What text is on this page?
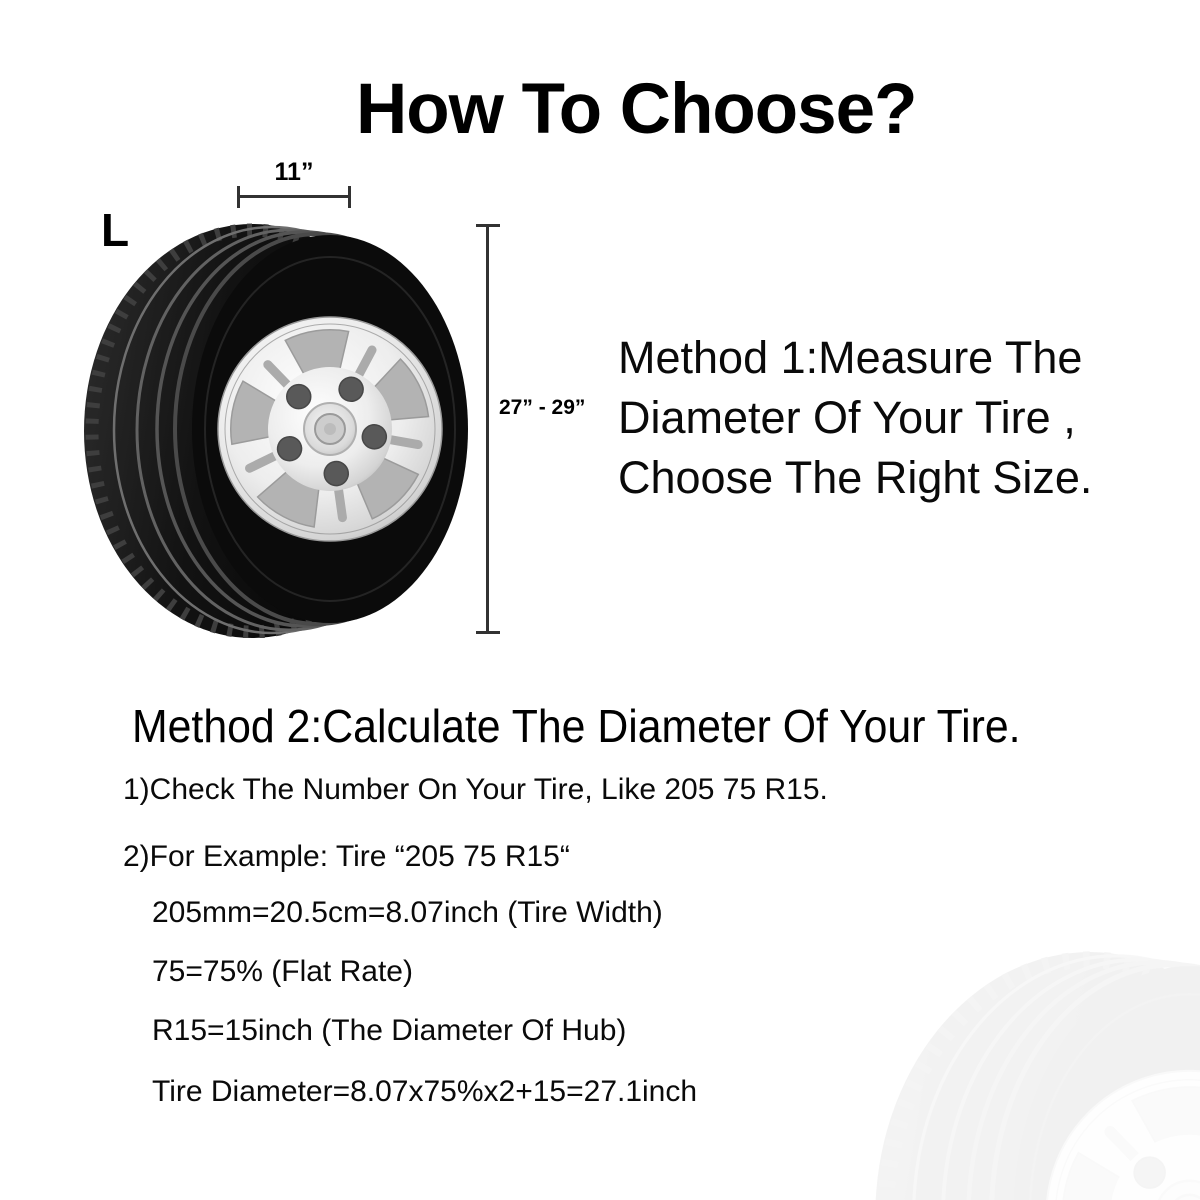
How To Choose?
L
11”
27” - 29”
Method 1:Measure The
Diameter Of Your Tire ,
Choose The Right Size.
Method 2:Calculate The Diameter Of Your Tire.
1)Check The Number On Your Tire, Like 205 75 R15.
2)For Example: Tire “205 75 R15“
205mm=20.5cm=8.07inch (Tire Width)
75=75% (Flat Rate)
R15=15inch (The Diameter Of Hub)
Tire Diameter=8.07x75%x2+15=27.1inch
